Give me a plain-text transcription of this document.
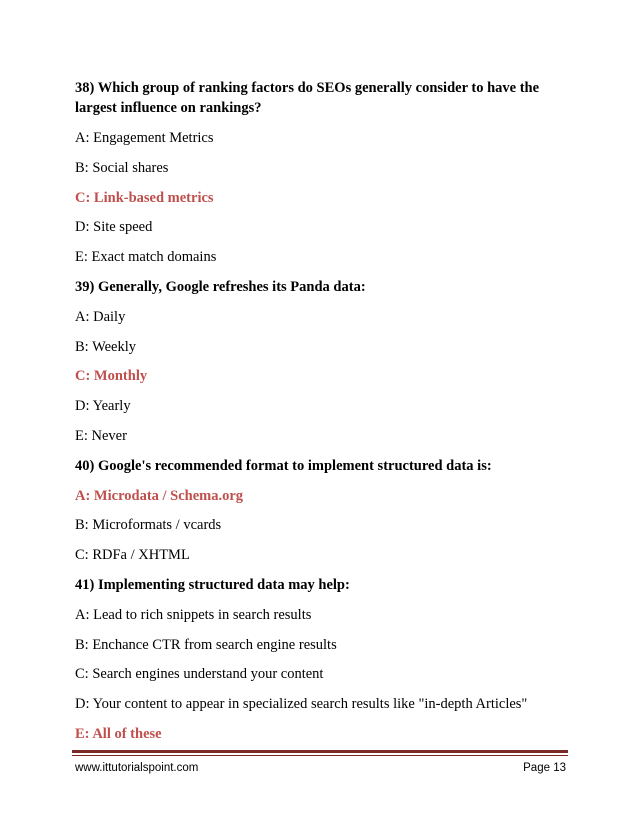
38) Which group of ranking factors do SEOs generally consider to have the largest influence on rankings?
A: Engagement Metrics
B: Social shares
C: Link-based metrics
D: Site speed
E: Exact match domains
39) Generally, Google refreshes its Panda data:
A: Daily
B: Weekly
C: Monthly
D: Yearly
E: Never
40) Google's recommended format to implement structured data is:
A: Microdata / Schema.org
B: Microformats / vcards
C: RDFa / XHTML
41) Implementing structured data may help:
A: Lead to rich snippets in search results
B: Enchance CTR from search engine results
C: Search engines understand your content
D: Your content to appear in specialized search results like "in-depth Articles"
E: All of these
www.ittutorialspoint.com	Page 13
